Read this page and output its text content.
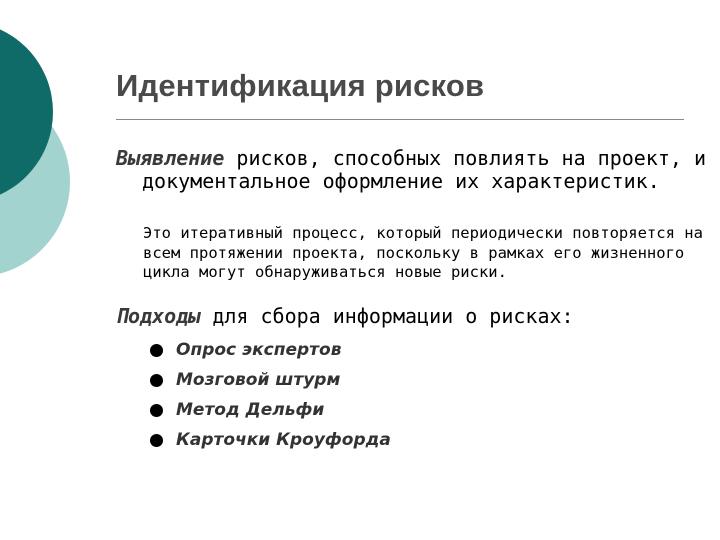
Идентификация рисков
Выявление рисков, способных повлиять на проект, и документальное оформление их характеристик.
Это итеративный процесс, который периодически повторяется на всем протяжении проекта, поскольку в рамках его жизненного цикла могут обнаруживаться новые риски.
Подходы для сбора информации о рисках:
Опрос экспертов
Мозговой штурм
Метод Дельфи
Карточки Кроуфорда
